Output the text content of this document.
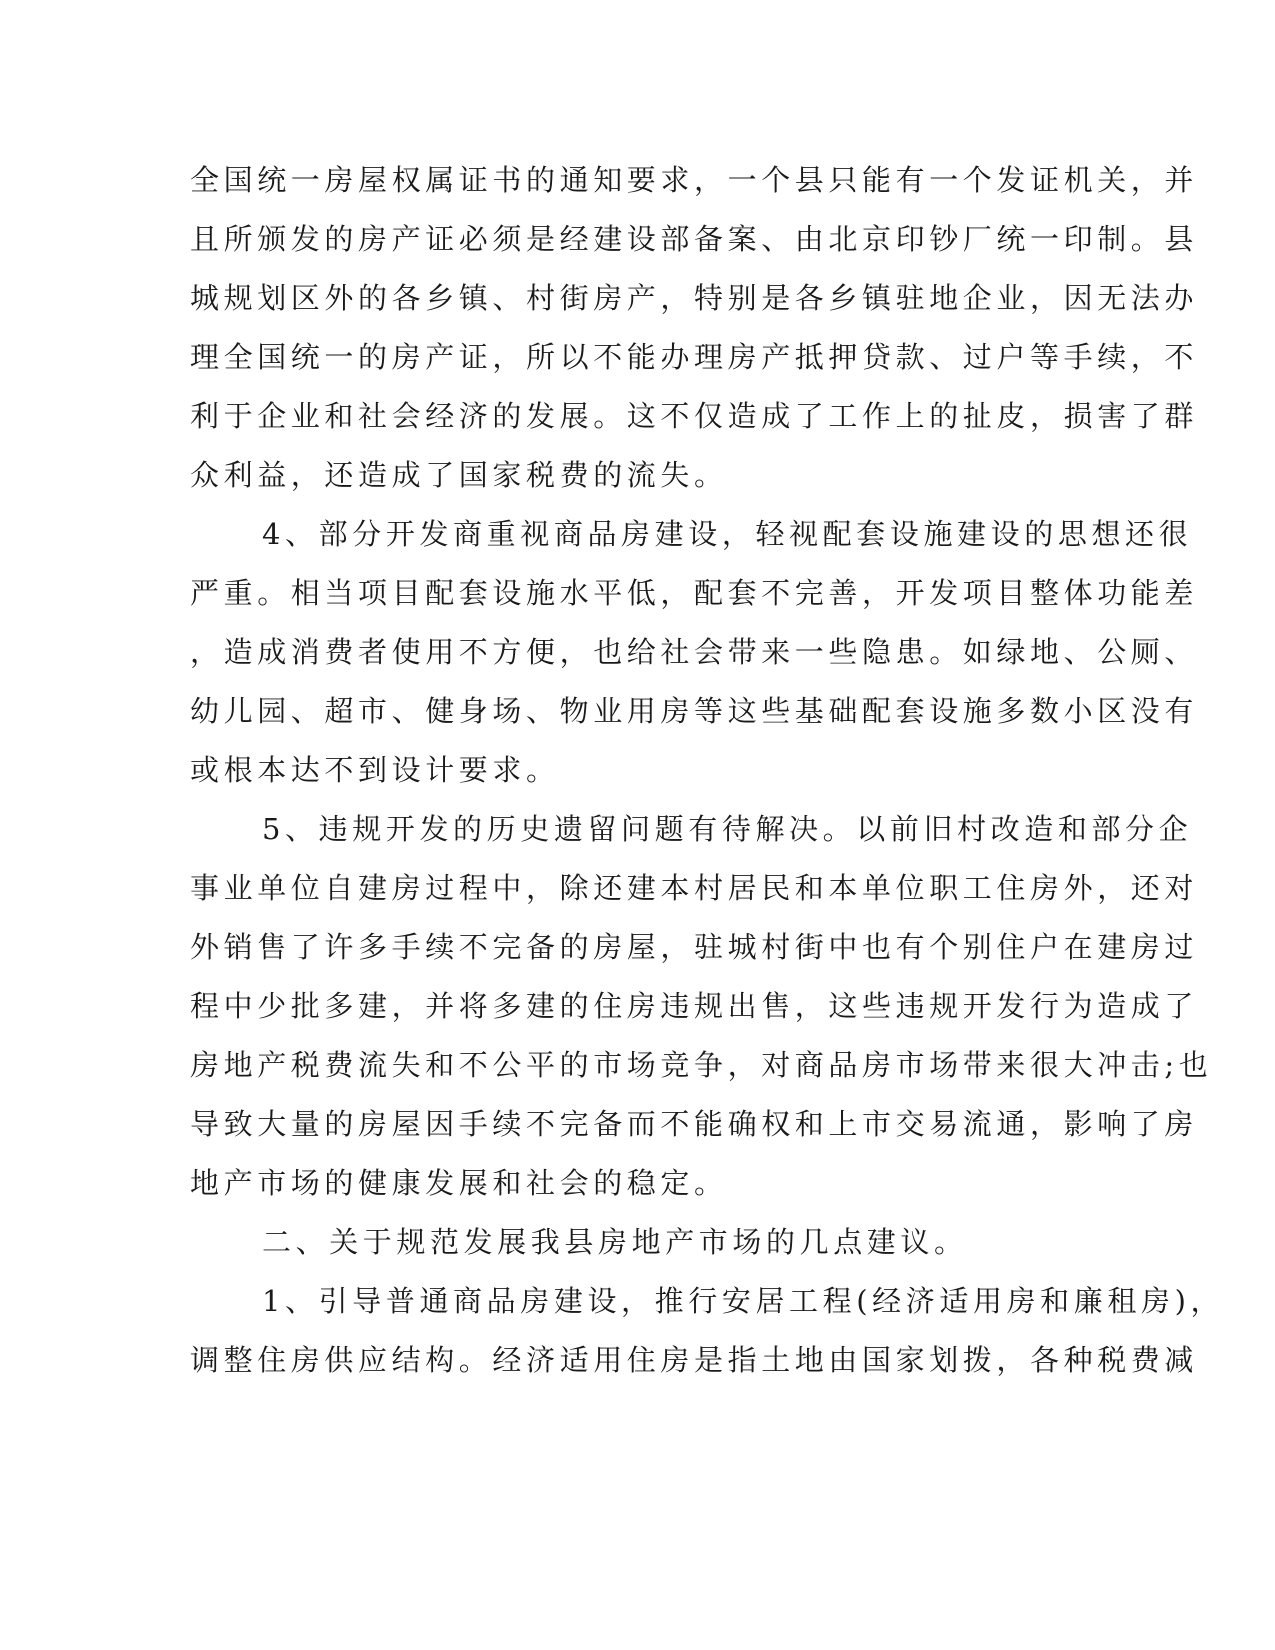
全国统一房屋权属证书的通知要求，一个县只能有一个发证机关，并
且所颁发的房产证必须是经建设部备案、由北京印钞厂统一印制。县
城规划区外的各乡镇、村街房产，特别是各乡镇驻地企业，因无法办
理全国统一的房产证，所以不能办理房产抵押贷款、过户等手续，不
利于企业和社会经济的发展。这不仅造成了工作上的扯皮，损害了群
众利益，还造成了国家税费的流失。
4、部分开发商重视商品房建设，轻视配套设施建设的思想还很
严重。相当项目配套设施水平低，配套不完善，开发项目整体功能差
，造成消费者使用不方便，也给社会带来一些隐患。如绿地、公厕、
幼儿园、超市、健身场、物业用房等这些基础配套设施多数小区没有
或根本达不到设计要求。
5、违规开发的历史遗留问题有待解决。以前旧村改造和部分企
事业单位自建房过程中，除还建本村居民和本单位职工住房外，还对
外销售了许多手续不完备的房屋，驻城村街中也有个别住户在建房过
程中少批多建，并将多建的住房违规出售，这些违规开发行为造成了
房地产税费流失和不公平的市场竞争，对商品房市场带来很大冲击;也
导致大量的房屋因手续不完备而不能确权和上市交易流通，影响了房
地产市场的健康发展和社会的稳定。
二、关于规范发展我县房地产市场的几点建议。
1、引导普通商品房建设，推行安居工程(经济适用房和廉租房)，
调整住房供应结构。经济适用住房是指土地由国家划拨，各种税费减
